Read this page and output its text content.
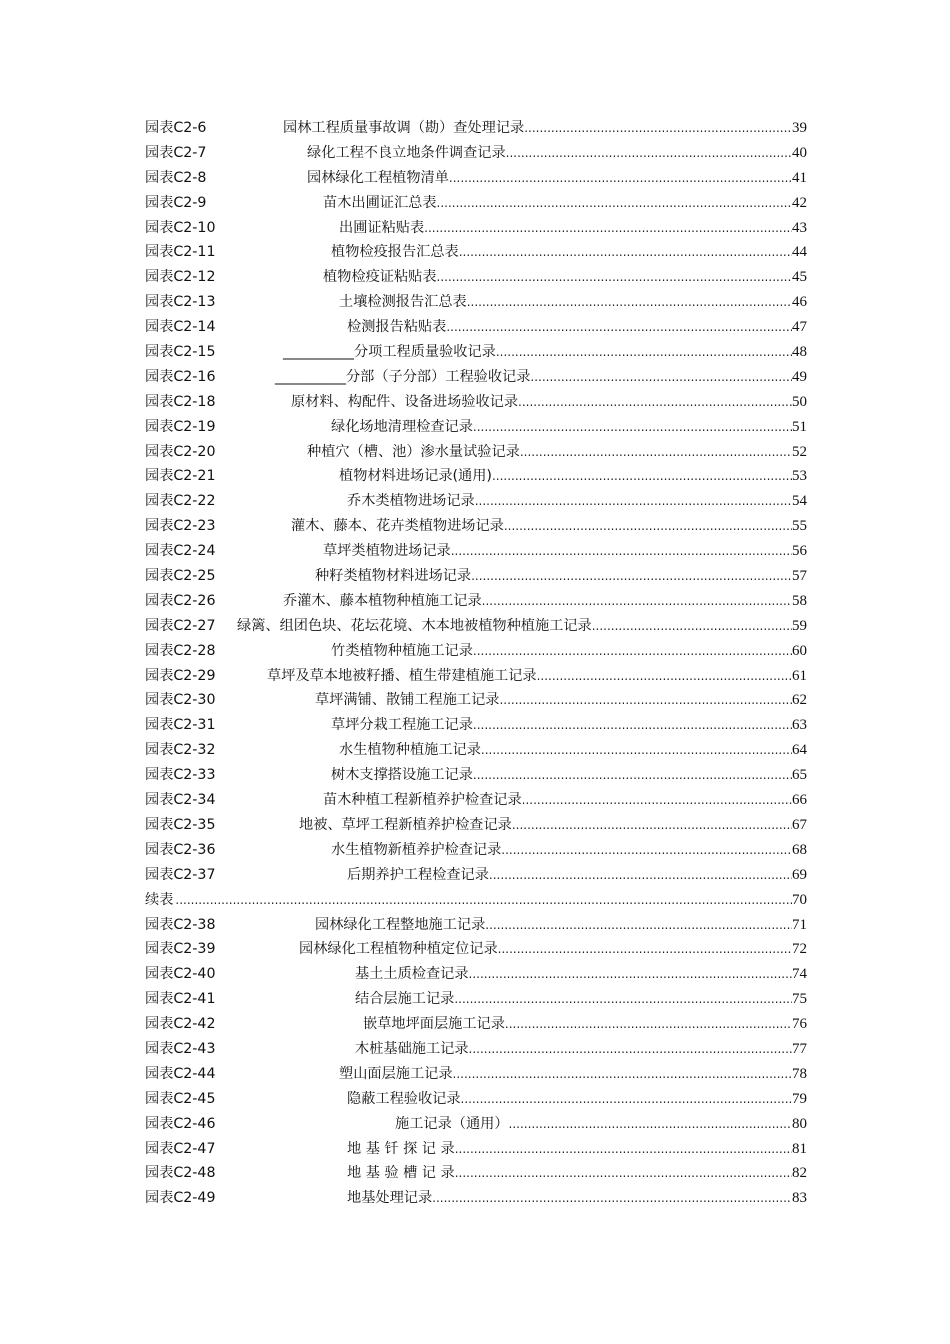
园表C2-6	园林工程质量事故调（勘）查处理记录 .....	39
园表C2-7	绿化工程不良立地条件调查记录 .....	40
园表C2-8	园林绿化工程植物清单 .....	41
园表C2-9	苗木出圃证汇总表 .....	42
园表C2-10	出圃证粘贴表 .....	43
园表C2-11	植物检疫报告汇总表 .....	44
园表C2-12	植物检疫证粘贴表 .....	45
园表C2-13	土壤检测报告汇总表 .....	46
园表C2-14	检测报告粘贴表 .....	47
园表C2-15	__________分项工程质量验收记录 .....	48
园表C2-16	__________分部（子分部）工程验收记录 .....	49
园表C2-18	原材料、构配件、设备进场验收记录 .....	50
园表C2-19	绿化场地清理检查记录 .....	51
园表C2-20	种植穴（槽、池）渗水量试验记录 .....	52
园表C2-21	植物材料进场记录(通用) .....	53
园表C2-22	乔木类植物进场记录 .....	54
园表C2-23	灌木、藤本、花卉类植物进场记录 .....	55
园表C2-24	草坪类植物进场记录 .....	56
园表C2-25	种籽类植物材料进场记录 .....	57
园表C2-26	乔灌木、藤本植物种植施工记录 .....	58
园表C2-27 绿篱、组团色块、花坛花境、木本地被植物种植施工记录 .....	59
园表C2-28	竹类植物种植施工记录 .....	60
园表C2-29	草坪及草本地被籽播、植生带建植施工记录 .....	61
园表C2-30	草坪满铺、散铺工程施工记录 .....	62
园表C2-31	草坪分栽工程施工记录 .....	63
园表C2-32	水生植物种植施工记录 .....	64
园表C2-33	树木支撑搭设施工记录 .....	65
园表C2-34	苗木种植工程新植养护检查记录 .....	66
园表C2-35	地被、草坪工程新植养护检查记录 .....	67
园表C2-36	水生植物新植养护检查记录 .....	68
园表C2-37	后期养护工程检查记录 .....	69
续表 .....	70
园表C2-38	园林绿化工程整地施工记录 .....	71
园表C2-39	园林绿化工程植物种植定位记录 .....	72
园表C2-40	基土土质检查记录 .....	74
园表C2-41	结合层施工记录 .....	75
园表C2-42	嵌草地坪面层施工记录 .....	76
园表C2-43	木桩基础施工记录 .....	77
园表C2-44	塑山面层施工记录 .....	78
园表C2-45	隐蔽工程验收记录 .....	79
园表C2-46	施工记录（通用） .....	80
园表C2-47	地 基 钎 探 记 录 .....	81
园表C2-48	地 基 验 槽 记 录 .....	82
园表C2-49	地基处理记录 .....	83
